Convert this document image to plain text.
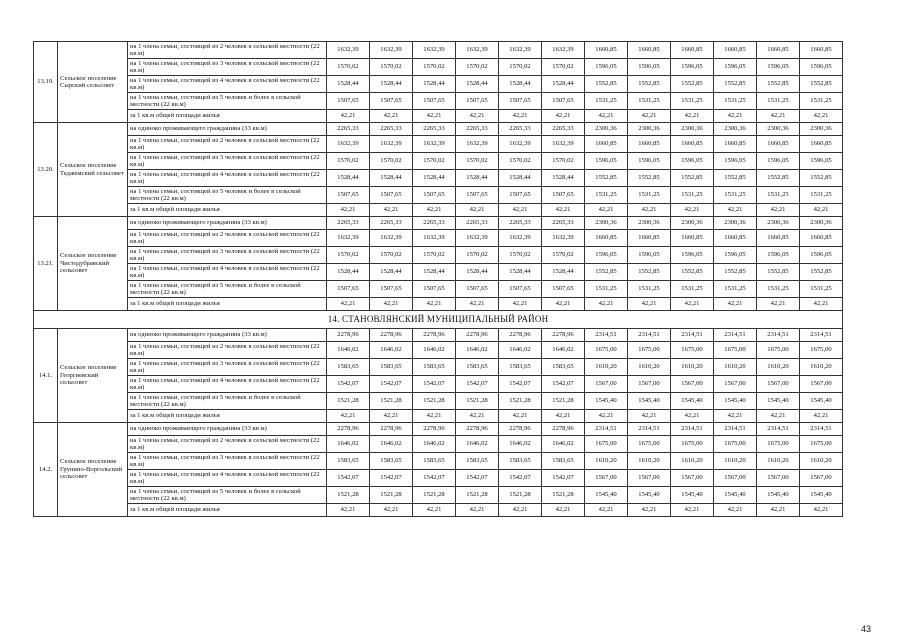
13.19.	Сельское поселение Сырский сельсовет	на 1 члена семьи, состоящей из 2 человек в сельской местности (22 кв.м)	1632,39	1632,39	1632,39	1632,39	1632,39	1632,39	1660,85	1660,85	1660,85	1660,85	1660,85	1660,85
		на 1 члена семьи, состоящей из 3 человек в сельской местности (22 кв.м)	1570,02	1570,02	1570,02	1570,02	1570,02	1570,02	1596,05	1596,05	1596,05	1596,05	1596,05	1596,05
		на 1 члена семьи, состоящей из 4 человек в сельской местности (22 кв.м)	1528,44	1528,44	1528,44	1528,44	1528,44	1528,44	1552,85	1552,85	1552,85	1552,85	1552,85	1552,85
		на 1 члена семьи, состоящей из 5 человек и более в сельской местности (22 кв.м)	1507,65	1507,65	1507,65	1507,65	1507,65	1507,65	1531,25	1531,25	1531,25	1531,25	1531,25	1531,25
		за 1 кв.м общей площади жилья	42,21	42,21	42,21	42,21	42,21	42,21	42,21	42,21	42,21	42,21	42,21	42,21
13.20.	Сельское поселение Теджемский сельсовет	на одиноко проживающего гражданина (33 кв.м)	2265,33	2265,33	2265,33	2265,33	2265,33	2265,33	2300,36	2300,36	2300,36	2300,36	2300,36	2300,36
		на 1 члена семьи, состоящей из 2 человек в сельской местности (22 кв.м)	1632,39	1632,39	1632,39	1632,39	1632,39	1632,39	1660,85	1660,85	1660,85	1660,85	1660,85	1660,85
		на 1 члена семьи, состоящей из 3 человек в сельской местности (22 кв.м)	1570,02	1570,02	1570,02	1570,02	1570,02	1570,02	1596,05	1596,05	1596,05	1596,05	1596,05	1596,05
		на 1 члена семьи, состоящей из 4 человек в сельской местности (22 кв.м)	1528,44	1528,44	1528,44	1528,44	1528,44	1528,44	1552,85	1552,85	1552,85	1552,85	1552,85	1552,85
		на 1 члена семьи, состоящей из 5 человек и более в сельской местности (22 кв.м)	1507,65	1507,65	1507,65	1507,65	1507,65	1507,65	1531,25	1531,25	1531,25	1531,25	1531,25	1531,25
		за 1 кв.м общей площади жилья	42,21	42,21	42,21	42,21	42,21	42,21	42,21	42,21	42,21	42,21	42,21	42,21
13.21.	Сельское поселение Чистодубравский сельсовет	на одиноко проживающего гражданина (33 кв.м)	2265,33	2265,33	2265,33	2265,33	2265,33	2265,33	2300,36	2300,36	2300,36	2300,36	2300,36	2300,36
		на 1 члена семьи, состоящей из 2 человек в сельской местности (22 кв.м)	1632,39	1632,39	1632,39	1632,39	1632,39	1632,39	1660,85	1660,85	1660,85	1660,85	1660,85	1660,85
		на 1 члена семьи, состоящей из 3 человек в сельской местности (22 кв.м)	1570,02	1570,02	1570,02	1570,02	1570,02	1570,02	1596,05	1596,05	1596,05	1596,05	1596,05	1596,05
		на 1 члена семьи, состоящей из 4 человек в сельской местности (22 кв.м)	1528,44	1528,44	1528,44	1528,44	1528,44	1528,44	1552,85	1552,85	1552,85	1552,85	1552,85	1552,85
		на 1 члена семьи, состоящей из 5 человек и более в сельской местности (22 кв.м)	1507,65	1507,65	1507,65	1507,65	1507,65	1507,65	1531,25	1531,25	1531,25	1531,25	1531,25	1531,25
		за 1 кв.м общей площади жилья	42,21	42,21	42,21	42,21	42,21	42,21	42,21	42,21	42,21	42,21	42,21	42,21
14. СТАНОВЛЯНСКИЙ МУНИЦИПАЛЬНЫЙ РАЙОН														
14.1.	Сельское поселение Георгиевский сельсовет	на одиноко проживающего гражданина (33 кв.м)	2278,96	2278,96	2278,96	2278,96	2278,96	2278,96	2314,51	2314,51	2314,51	2314,51	2314,51	2314,51
		на 1 члена семьи, состоящей из 2 человек в сельской местности (22 кв.м)	1646,02	1646,02	1646,02	1646,02	1646,02	1646,02	1675,00	1675,00	1675,00	1675,00	1675,00	1675,00
		на 1 члена семьи, состоящей из 3 человек в сельской местности (22 кв.м)	1583,65	1583,65	1583,65	1583,65	1583,65	1583,65	1610,20	1610,20	1610,20	1610,20	1610,20	1610,20
		на 1 члена семьи, состоящей из 4 человек в сельской местности (22 кв.м)	1542,07	1542,07	1542,07	1542,07	1542,07	1542,07	1567,00	1567,00	1567,00	1567,00	1567,00	1567,00
		на 1 члена семьи, состоящей из 5 человек и более в сельской местности (22 кв.м)	1521,28	1521,28	1521,28	1521,28	1521,28	1521,28	1545,40	1545,40	1545,40	1545,40	1545,40	1545,40
		за 1 кв.м общей площади жилья	42,21	42,21	42,21	42,21	42,21	42,21	42,21	42,21	42,21	42,21	42,21	42,21
14.2.	Сельское поселение Грунино-Воргольский сельсовет	на одиноко проживающего гражданина (33 кв.м)	2278,96	2278,96	2278,96	2278,96	2278,96	2278,96	2314,51	2314,51	2314,51	2314,51	2314,51	2314,51
		на 1 члена семьи, состоящей из 2 человек в сельской местности (22 кв.м)	1646,02	1646,02	1646,02	1646,02	1646,02	1646,02	1675,00	1675,00	1675,00	1675,00	1675,00	1675,00
		на 1 члена семьи, состоящей из 3 человек в сельской местности (22 кв.м)	1583,65	1583,65	1583,65	1583,65	1583,65	1583,65	1610,20	1610,20	1610,20	1610,20	1610,20	1610,20
		на 1 члена семьи, состоящей из 4 человек в сельской местности (22 кв.м)	1542,07	1542,07	1542,07	1542,07	1542,07	1542,07	1567,00	1567,00	1567,00	1567,00	1567,00	1567,00
		на 1 члена семьи, состоящей из 5 человек и более в сельской местности (22 кв.м)	1521,28	1521,28	1521,28	1521,28	1521,28	1521,28	1545,40	1545,40	1545,40	1545,40	1545,40	1545,40
		за 1 кв.м общей площади жилья	42,21	42,21	42,21	42,21	42,21	42,21	42,21	42,21	42,21	42,21	42,21	42,21
43
